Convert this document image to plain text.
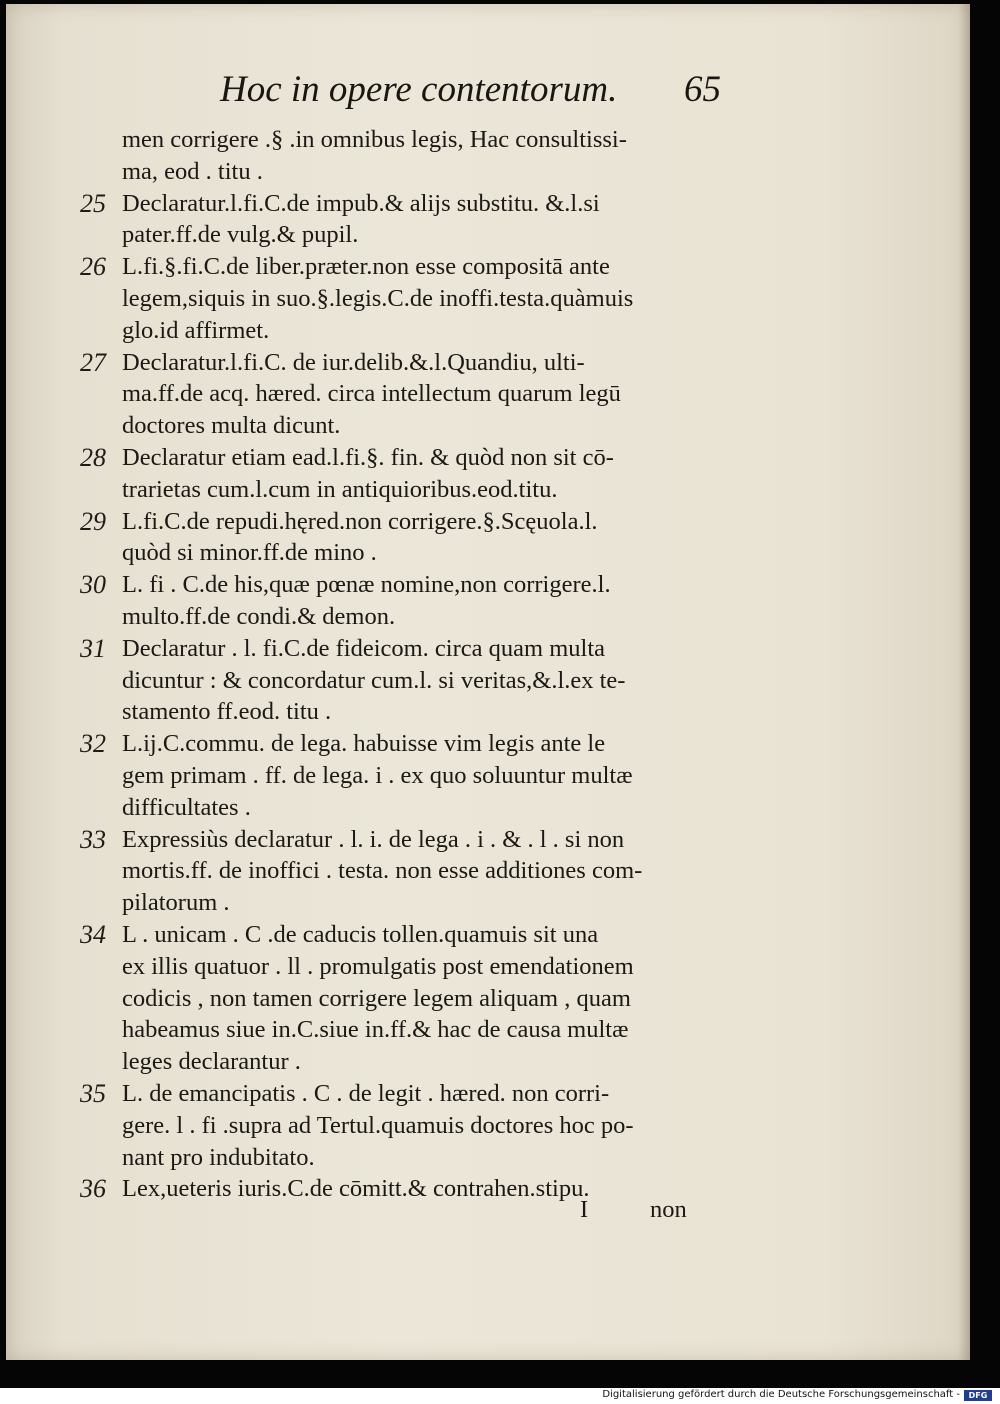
Hoc in opere contentorum. 65
men corrigere .§ .in omnibus legis, Hac consultissi-
ma, eod . titu .
25 Declaratur.l.fi.C.de impub.& alijs substitu. &.l.si
pater.ff.de vulg.& pupil.
26 L.fi.§.fi.C.de liber.præter.non esse compositā ante
legem,siquis in suo.§.legis.C.de inoffi.testa.quàmuis
glo.id affirmet.
27 Declaratur.l.fi.C. de iur.delib.&.l.Quandiu, ulti-
ma.ff.de acq. hæred. circa intellectum quarum legū
doctores multa dicunt.
28 Declaratur etiam ead.l.fi.§. fin. & quòd non sit cō-
trarietas cum.l.cum in antiquioribus.eod.titu.
29 L.fi.C.de repudi.hęred.non corrigere.§.Scęuola.l.
quòd si minor.ff.de mino .
30 L. fi . C.de his,quæ pœnæ nomine,non corrigere.l.
multo.ff.de condi.& demon.
31 Declaratur . l. fi.C.de fideicom. circa quam multa
dicuntur : & concordatur cum.l. si veritas,&.l.ex te-
stamento ff.eod. titu .
32 L.ij.C.commu. de lega. habuisse vim legis ante le
gem primam . ff. de lega. i . ex quo soluuntur multæ
difficultates .
33 Expressiùs declaratur . l. i. de lega . i . & . l . si non
mortis.ff. de inoffici . testa. non esse additiones com-
pilatorum .
34 L . unicam . C .de caducis tollen.quamuis sit una
ex illis quatuor . ll . promulgatis post emendationem
codicis , non tamen corrigere legem aliquam , quam
habeamus siue in.C.siue in.ff.& hac de causa multæ
leges declarantur .
35 L. de emancipatis . C . de legit . hæred. non corri-
gere. l . fi .supra ad Tertul.quamuis doctores hoc po-
nant pro indubitato.
36 Lex,ueteris iuris.C.de cōmitt.& contrahen.stipu.
I	non
Digitalisierung gefördert durch die Deutsche Forschungsgemeinschaft -	DFG
